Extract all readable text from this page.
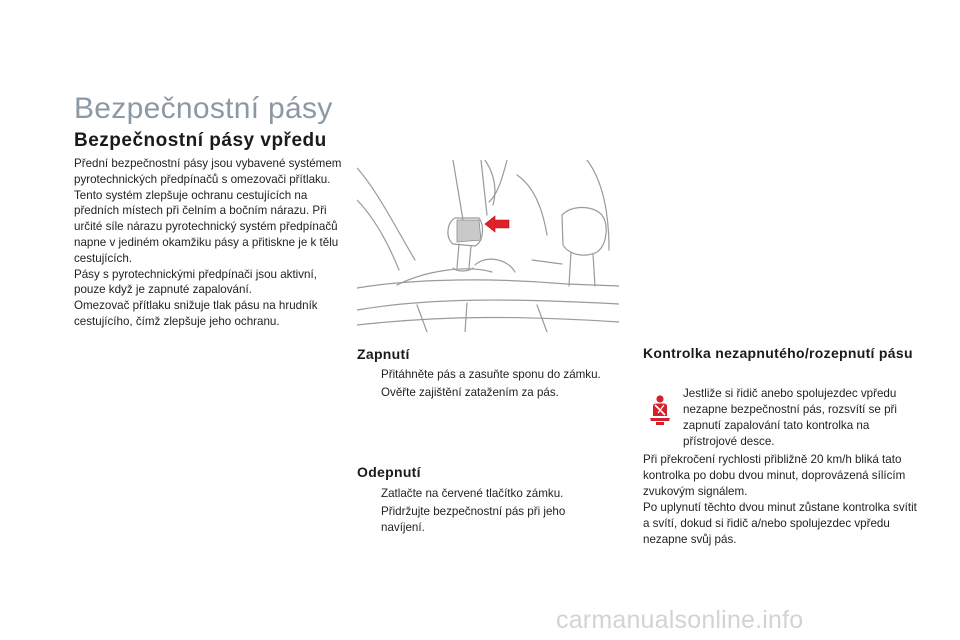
Bezpečnostní pásy
Bezpečnostní pásy vpředu

Přední bezpečnostní pásy jsou vybavené systémem pyrotechnických předpínačů s omezovači přítlaku.

Tento systém zlepšuje ochranu cestujících na předních místech při čelním a bočním nárazu. Při určité síle nárazu pyrotechnický systém předpínačů napne v jediném okamžiku pásy a přitiskne je k tělu cestujících.

Pásy s pyrotechnickými předpínači jsou aktivní, pouze když je zapnuté zapalování.

Omezovač přítlaku snižuje tlak pásu na hrudník cestujícího, čímž zlepšuje jeho ochranu.

Zapnutí
Přitáhněte pás a zasuňte sponu do zámku.
Ověřte zajištění zatažením za pás.
Odepnutí
Zatlačte na červené tlačítko zámku.
Přidržujte bezpečnostní pás při jeho navíjení.
Kontrolka nezapnutého/rozepnutí pásu
Jestliže si řidič anebo spolujezdec vpředu nezapne bezpečnostní pás, rozsvítí se při zapnutí zapalování tato kontrolka na přístrojové desce.

Při překročení rychlosti přibližně 20 km/h bliká tato kontrolka po dobu dvou minut, doprovázená sílícím zvukovým signálem.

Po uplynutí těchto dvou minut zůstane kontrolka svítit a svítí, dokud si řidič a/nebo spolujezdec vpředu nezapne svůj pás.

carmanualsonline.info
